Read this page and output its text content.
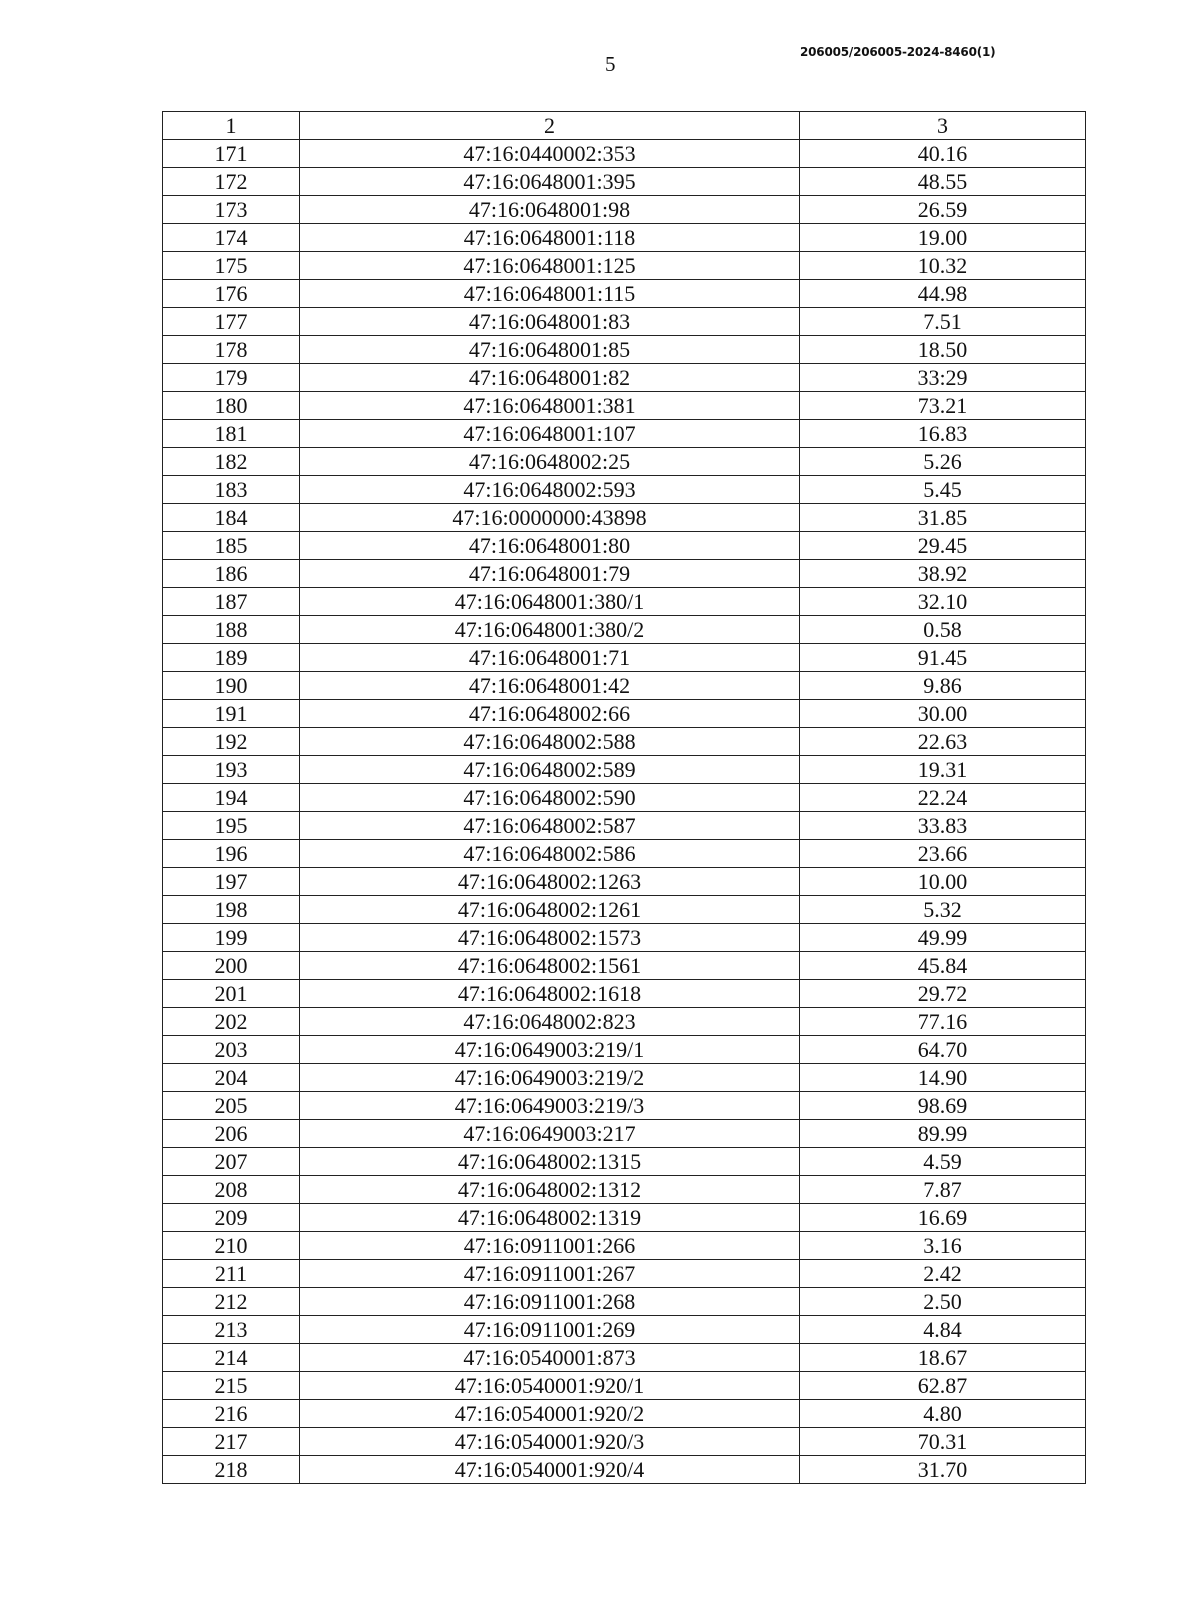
5	206005/206005-2024-8460(1)
1	2	3
171	47:16:0440002:353	40.16
172	47:16:0648001:395	48.55
173	47:16:0648001:98	26.59
174	47:16:0648001:118	19.00
175	47:16:0648001:125	10.32
176	47:16:0648001:115	44.98
177	47:16:0648001:83	7.51
178	47:16:0648001:85	18.50
179	47:16:0648001:82	33:29
180	47:16:0648001:381	73.21
181	47:16:0648001:107	16.83
182	47:16:0648002:25	5.26
183	47:16:0648002:593	5.45
184	47:16:0000000:43898	31.85
185	47:16:0648001:80	29.45
186	47:16:0648001:79	38.92
187	47:16:0648001:380/1	32.10
188	47:16:0648001:380/2	0.58
189	47:16:0648001:71	91.45
190	47:16:0648001:42	9.86
191	47:16:0648002:66	30.00
192	47:16:0648002:588	22.63
193	47:16:0648002:589	19.31
194	47:16:0648002:590	22.24
195	47:16:0648002:587	33.83
196	47:16:0648002:586	23.66
197	47:16:0648002:1263	10.00
198	47:16:0648002:1261	5.32
199	47:16:0648002:1573	49.99
200	47:16:0648002:1561	45.84
201	47:16:0648002:1618	29.72
202	47:16:0648002:823	77.16
203	47:16:0649003:219/1	64.70
204	47:16:0649003:219/2	14.90
205	47:16:0649003:219/3	98.69
206	47:16:0649003:217	89.99
207	47:16:0648002:1315	4.59
208	47:16:0648002:1312	7.87
209	47:16:0648002:1319	16.69
210	47:16:0911001:266	3.16
211	47:16:0911001:267	2.42
212	47:16:0911001:268	2.50
213	47:16:0911001:269	4.84
214	47:16:0540001:873	18.67
215	47:16:0540001:920/1	62.87
216	47:16:0540001:920/2	4.80
217	47:16:0540001:920/3	70.31
218	47:16:0540001:920/4	31.70
